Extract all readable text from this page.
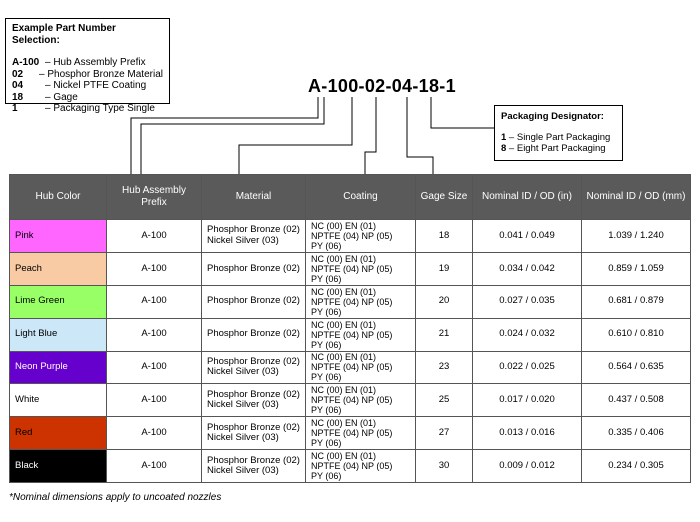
Example Part Number Selection:
A-100 – Hub Assembly Prefix
02	– Phosphor Bronze Material
04	– Nickel PTFE Coating
18	– Gage
1	– Packaging Type Single
A-100-02-04-18-1
Packaging Designator:
1 – Single Part Packaging
8 – Eight Part Packaging
Hub Color	Hub Assembly Prefix	Material	Coating	Gage Size	Nominal ID / OD (in)	Nominal ID / OD (mm)
Pink	A-100	Phosphor Bronze (02)
Nickel Silver (03)	NC (00) EN (01)
NPTFE (04) NP (05)
PY (06)	18	0.041 / 0.049	1.039 / 1.240
Peach	A-100	Phosphor Bronze (02)	NC (00) EN (01)
NPTFE (04) NP (05)
PY (06)	19	0.034 / 0.042	0.859 / 1.059
Lime Green	A-100	Phosphor Bronze (02)	NC (00) EN (01)
NPTFE (04) NP (05)
PY (06)	20	0.027 / 0.035	0.681 / 0.879
Light Blue	A-100	Phosphor Bronze (02)	NC (00) EN (01)
NPTFE (04) NP (05)
PY (06)	21	0.024 / 0.032	0.610 / 0.810
Neon Purple	A-100	Phosphor Bronze (02)
Nickel Silver (03)	NC (00) EN (01)
NPTFE (04) NP (05)
PY (06)	23	0.022 / 0.025	0.564 / 0.635
White	A-100	Phosphor Bronze (02)
Nickel Silver (03)	NC (00) EN (01)
NPTFE (04) NP (05)
PY (06)	25	0.017 / 0.020	0.437 / 0.508
Red	A-100	Phosphor Bronze (02)
Nickel Silver (03)	NC (00) EN (01)
NPTFE (04) NP (05)
PY (06)	27	0.013 / 0.016	0.335 / 0.406
Black	A-100	Phosphor Bronze (02)
Nickel Silver (03)	NC (00) EN (01)
NPTFE (04) NP (05)
PY (06)	30	0.009 / 0.012	0.234 / 0.305
*Nominal dimensions apply to uncoated nozzles
